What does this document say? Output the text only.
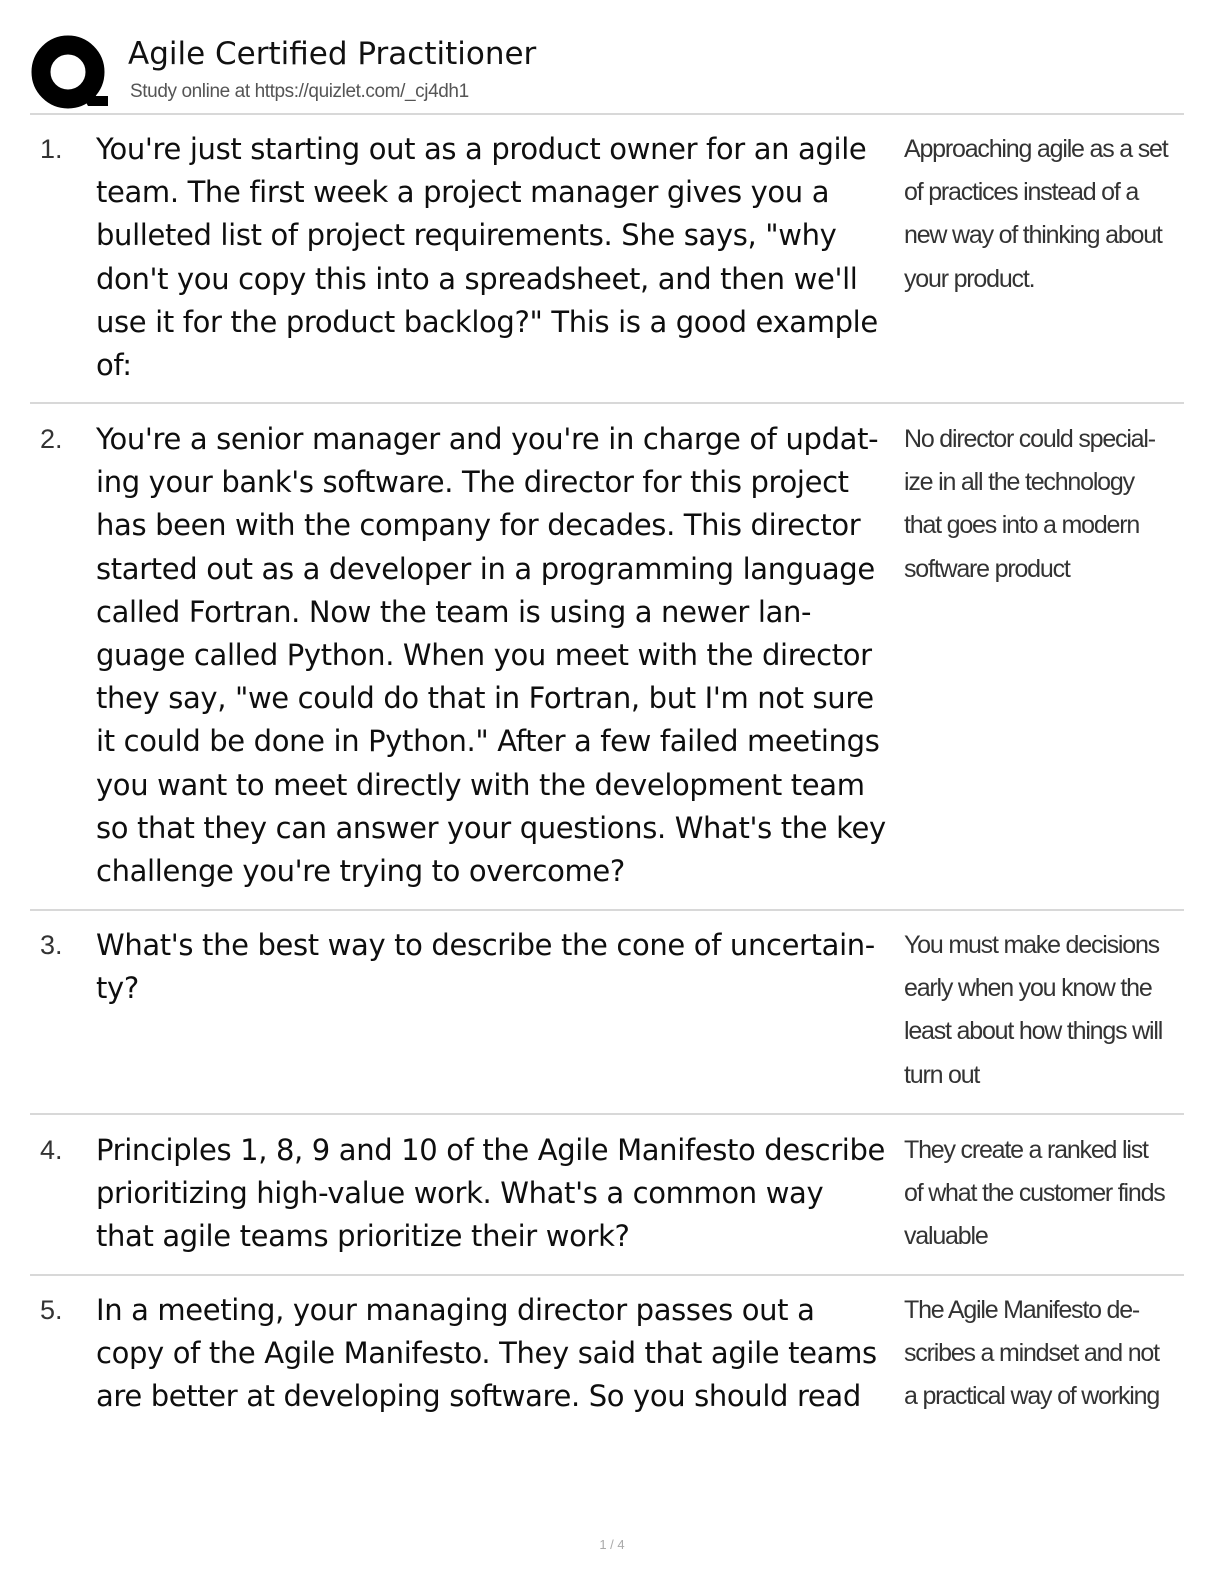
Agile Certified Practitioner
Study online at https://quizlet.com/_cj4dh1
1. You're just starting out as a product owner for an agile
team. The first week a project manager gives you a
bulleted list of project requirements. She says, "why
don't you copy this into a spreadsheet, and then we'll
use it for the product backlog?" This is a good example
of:
Approaching agile as a set
of practices instead of a
new way of thinking about
your product.
2. You're a senior manager and you're in charge of updat-
ing your bank's software. The director for this project
has been with the company for decades. This director
started out as a developer in a programming language
called Fortran. Now the team is using a newer lan-
guage called Python. When you meet with the director
they say, "we could do that in Fortran, but I'm not sure
it could be done in Python." After a few failed meetings
you want to meet directly with the development team
so that they can answer your questions. What's the key
challenge you're trying to overcome?
No director could special-
ize in all the technology
that goes into a modern
software product
3. What's the best way to describe the cone of uncertain-
ty?
You must make decisions
early when you know the
least about how things will
turn out
4. Principles 1, 8, 9 and 10 of the Agile Manifesto describe
prioritizing high-value work. What's a common way
that agile teams prioritize their work?
They create a ranked list
of what the customer finds
valuable
5. In a meeting, your managing director passes out a
copy of the Agile Manifesto. They said that agile teams
are better at developing software. So you should read
The Agile Manifesto de-
scribes a mindset and not
a practical way of working
1 / 4
